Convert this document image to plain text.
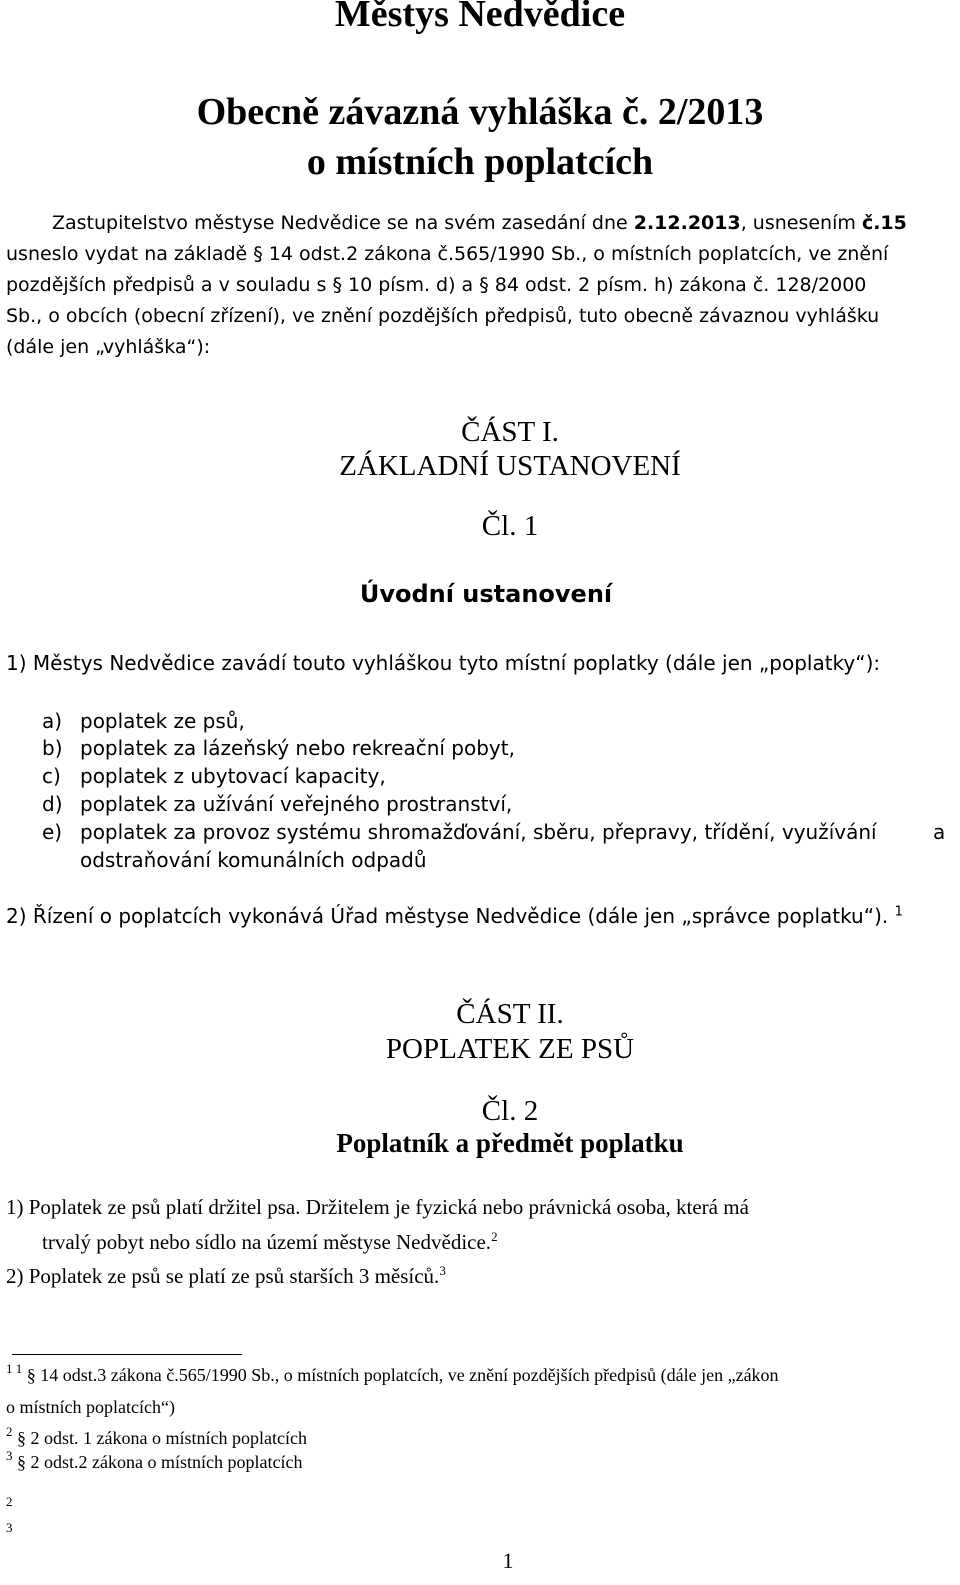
Městys Nedvědice
Obecně závazná vyhláška č. 2/2013
o místních poplatcích
Zastupitelstvo městyse Nedvědice se na svém zasedání dne 2.12.2013, usnesením č.15
usneslo vydat na základě § 14 odst.2 zákona č.565/1990 Sb., o místních poplatcích, ve znění
pozdějších předpisů a v souladu s § 10 písm. d) a § 84 odst. 2 písm. h) zákona č. 128/2000
Sb., o obcích (obecní zřízení), ve znění pozdějších předpisů, tuto obecně závaznou vyhlášku
(dále jen „vyhláška“):
ČÁST I.
ZÁKLADNÍ USTANOVENÍ
Čl. 1
Úvodní ustanovení
1) Městys Nedvědice zavádí touto vyhláškou tyto místní poplatky (dále jen „poplatky“):
a) poplatek ze psů,
b) poplatek za lázeňský nebo rekreační pobyt,
c) poplatek z ubytovací kapacity,
d) poplatek za užívání veřejného prostranství,
e) poplatek za provoz systému shromažďování, sběru, přepravy, třídění, využívání	a
odstraňování komunálních odpadů
2) Řízení o poplatcích vykonává Úřad městyse Nedvědice (dále jen „správce poplatku“). $^1$
ČÁST II.
POPLATEK ZE PSŮ
Čl. 2
Poplatník a předmět poplatku
1) Poplatek ze psů platí držitel psa. Držitelem je fyzická nebo právnická osoba, která má
trvalý pobyt nebo sídlo na území městyse Nedvědice.$^2$
2) Poplatek ze psů se platí ze psů starších 3 měsíců.$^3$
$^{1 1}$ § 14 odst.3 zákona č.565/1990 Sb., o místních poplatcích, ve znění pozdějších předpisů (dále jen „zákon
o místních poplatcích“)
$^2$ § 2 odst. 1 zákona o místních poplatcích
$^3$ § 2 odst.2 zákona o místních poplatcích
2
3
1
